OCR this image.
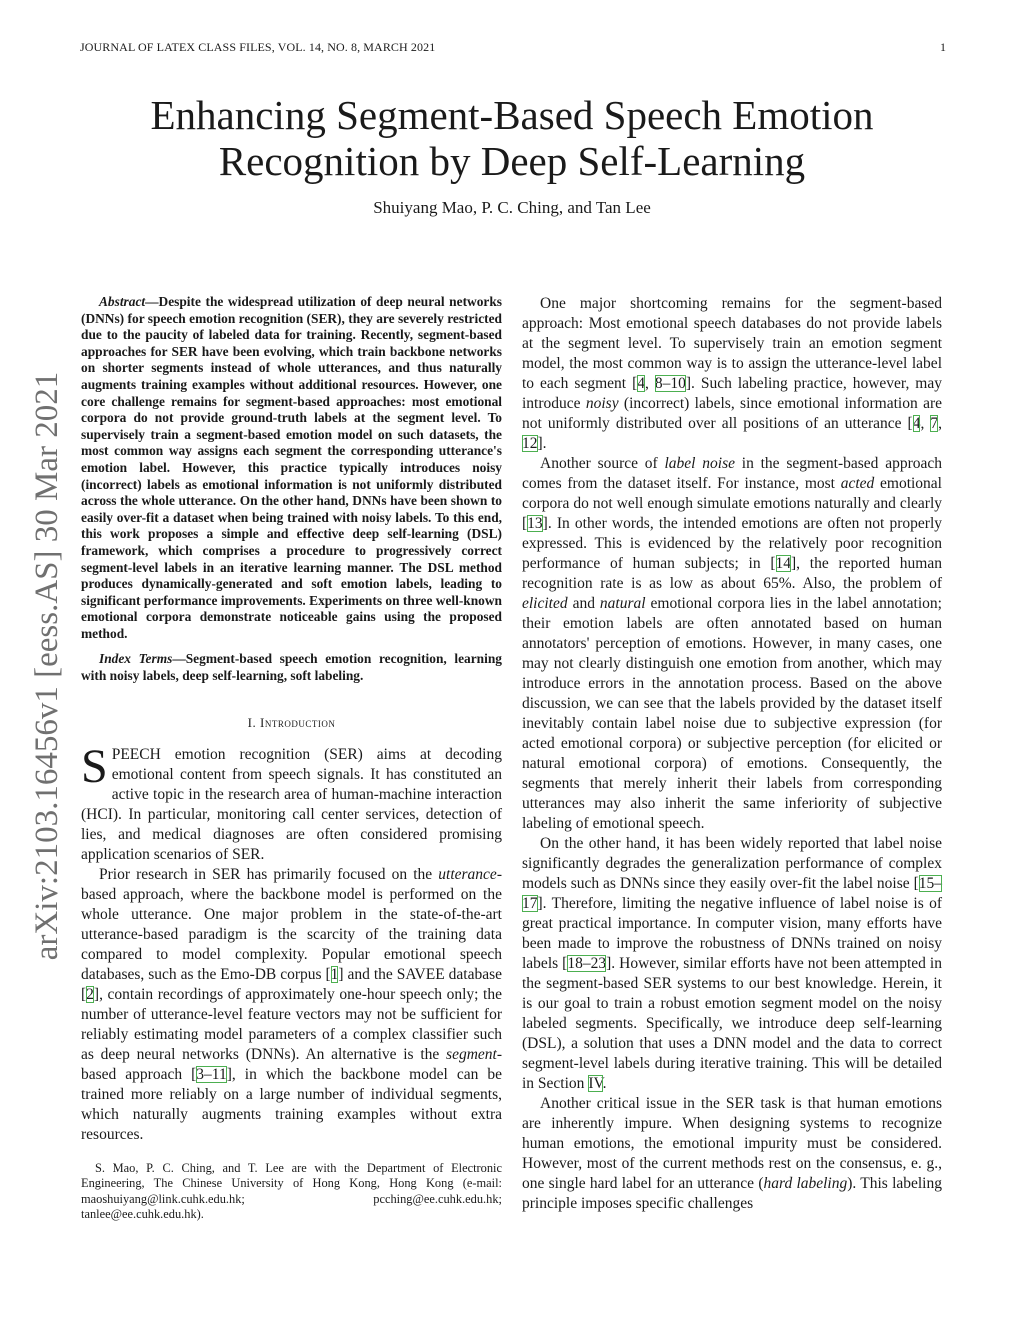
JOURNAL OF LATEX CLASS FILES, VOL. 14, NO. 8, MARCH 2021	1
Enhancing Segment-Based Speech Emotion
Recognition by Deep Self-Learning
Shuiyang Mao, P. C. Ching, and Tan Lee
arXiv:2103.16456v1 [eess.AS] 30 Mar 2021

Abstract—Despite the widespread utilization of deep neural networks (DNNs) for speech emotion recognition (SER), they are severely restricted due to the paucity of labeled data for training. Recently, segment-based approaches for SER have been evolving, which train backbone networks on shorter segments instead of whole utterances, and thus naturally augments training examples without additional resources. However, one core challenge remains for segment-based approaches: most emotional corpora do not provide ground-truth labels at the segment level. To supervisely train a segment-based emotion model on such datasets, the most common way assigns each segment the corresponding utterance's emotion label. However, this practice typically introduces noisy (incorrect) labels as emotional information is not uniformly distributed across the whole utterance. On the other hand, DNNs have been shown to easily over-fit a dataset when being trained with noisy labels. To this end, this work proposes a simple and effective deep self-learning (DSL) framework, which comprises a procedure to progressively correct segment-level labels in an iterative learning manner. The DSL method produces dynamically-generated and soft emotion labels, leading to significant performance improvements. Experiments on three well-known emotional corpora demonstrate noticeable gains using the proposed method.

Index Terms—Segment-based speech emotion recognition, learning with noisy labels, deep self-learning, soft labeling.

I. Introduction

SPEECH emotion recognition (SER) aims at decoding emotional content from speech signals. It has constituted an active topic in the research area of human-machine interaction (HCI). In particular, monitoring call center services, detection of lies, and medical diagnoses are often considered promising application scenarios of SER.

Prior research in SER has primarily focused on the utterance-based approach, where the backbone model is performed on the whole utterance. One major problem in the state-of-the-art utterance-based paradigm is the scarcity of the training data compared to model complexity. Popular emotional speech databases, such as the Emo-DB corpus [1] and the SAVEE database [2], contain recordings of approximately one-hour speech only; the number of utterance-level feature vectors may not be sufficient for reliably estimating model parameters of a complex classifier such as deep neural networks (DNNs). An alternative is the segment-based approach [3–11], in which the backbone model can be trained more reliably on a large number of individual segments, which naturally augments training examples without extra resources.

S. Mao, P. C. Ching, and T. Lee are with the Department of Electronic Engineering, The Chinese University of Hong Kong, Hong Kong (e-mail: maoshuiyang@link.cuhk.edu.hk; pcching@ee.cuhk.edu.hk; tanlee@ee.cuhk.edu.hk).

One major shortcoming remains for the segment-based approach: Most emotional speech databases do not provide labels at the segment level. To supervisely train an emotion segment model, the most common way is to assign the utterance-level label to each segment [4, 8–10]. Such labeling practice, however, may introduce noisy (incorrect) labels, since emotional information are not uniformly distributed over all positions of an utterance [4, 7, 12].

Another source of label noise in the segment-based approach comes from the dataset itself. For instance, most acted emotional corpora do not well enough simulate emotions naturally and clearly [13]. In other words, the intended emotions are often not properly expressed. This is evidenced by the relatively poor recognition performance of human subjects; in [14], the reported human recognition rate is as low as about 65%. Also, the problem of elicited and natural emotional corpora lies in the label annotation; their emotion labels are often annotated based on human annotators' perception of emotions. However, in many cases, one may not clearly distinguish one emotion from another, which may introduce errors in the annotation process. Based on the above discussion, we can see that the labels provided by the dataset itself inevitably contain label noise due to subjective expression (for acted emotional corpora) or subjective perception (for elicited or natural emotional corpora) of emotions. Consequently, the segments that merely inherit their labels from corresponding utterances may also inherit the same inferiority of subjective labeling of emotional speech.

On the other hand, it has been widely reported that label noise significantly degrades the generalization performance of complex models such as DNNs since they easily over-fit the label noise [15–17]. Therefore, limiting the negative influence of label noise is of great practical importance. In computer vision, many efforts have been made to improve the robustness of DNNs trained on noisy labels [18–23]. However, similar efforts have not been attempted in the segment-based SER systems to our best knowledge. Herein, it is our goal to train a robust emotion segment model on the noisy labeled segments. Specifically, we introduce deep self-learning (DSL), a solution that uses a DNN model and the data to correct segment-level labels during iterative training. This will be detailed in Section IV.

Another critical issue in the SER task is that human emotions are inherently impure. When designing systems to recognize human emotions, the emotional impurity must be considered. However, most of the current methods rest on the consensus, e. g., one single hard label for an utterance (hard labeling). This labeling principle imposes specific challenges
